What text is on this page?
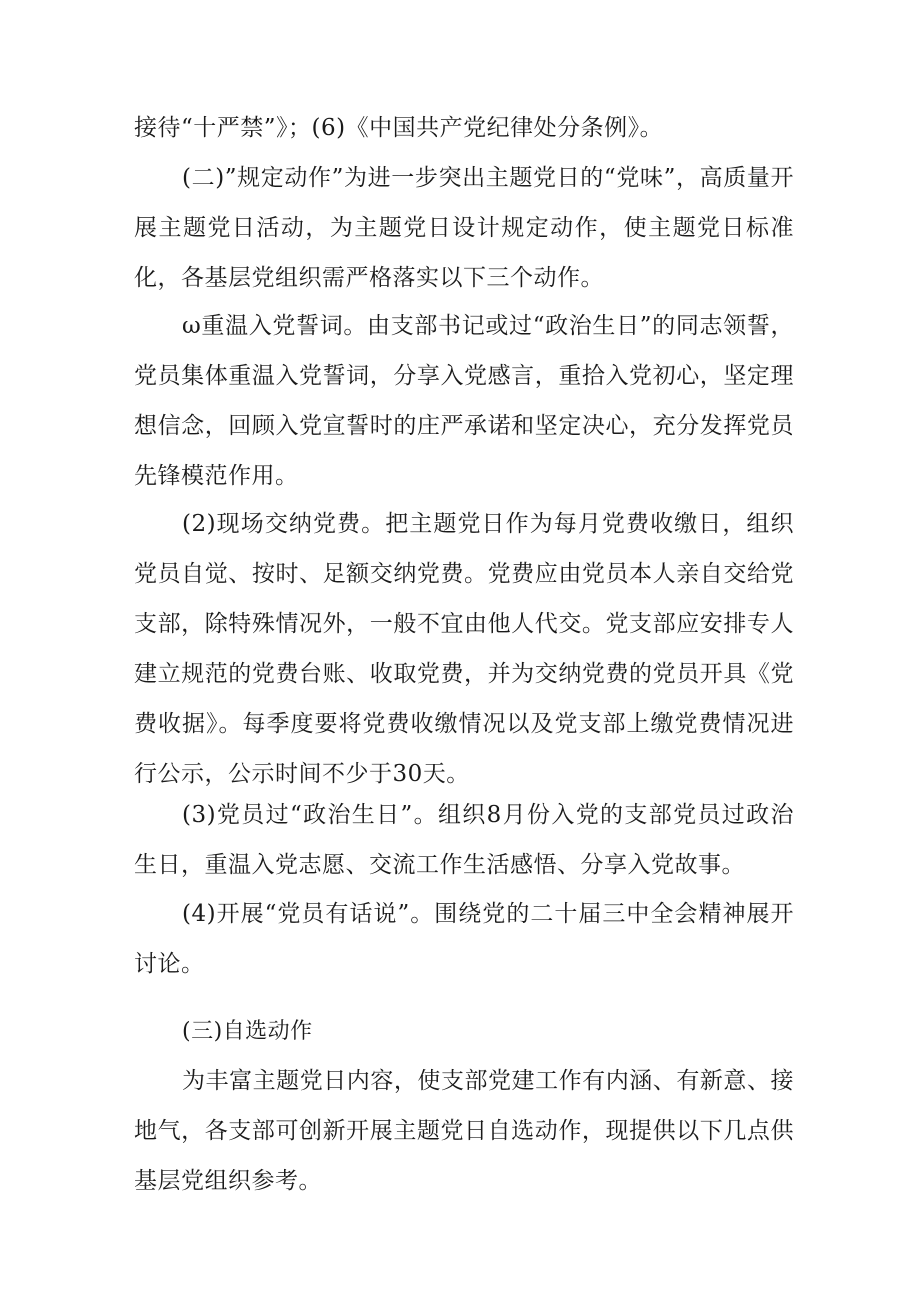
接待“十严禁”》；(6)《中国共产党纪律处分条例》。

(二)”规定动作”为进一步突出主题党日的“党味”，高质量开展主题党日活动，为主题党日设计规定动作，使主题党日标准化，各基层党组织需严格落实以下三个动作。

ω重温入党誓词。由支部书记或过“政治生日”的同志领誓，党员集体重温入党誓词，分享入党感言，重拾入党初心，坚定理想信念，回顾入党宣誓时的庄严承诺和坚定决心，充分发挥党员先锋模范作用。

(2)现场交纳党费。把主题党日作为每月党费收缴日，组织党员自觉、按时、足额交纳党费。党费应由党员本人亲自交给党支部，除特殊情况外，一般不宜由他人代交。党支部应安排专人建立规范的党费台账、收取党费，并为交纳党费的党员开具《党费收据》。每季度要将党费收缴情况以及党支部上缴党费情况进行公示，公示时间不少于30天。

(3)党员过“政治生日”。组织8月份入党的支部党员过政治生日，重温入党志愿、交流工作生活感悟、分享入党故事。

(4)开展“党员有话说”。围绕党的二十届三中全会精神展开讨论。

(三)自选动作

为丰富主题党日内容，使支部党建工作有内涵、有新意、接地气，各支部可创新开展主题党日自选动作，现提供以下几点供基层党组织参考。
